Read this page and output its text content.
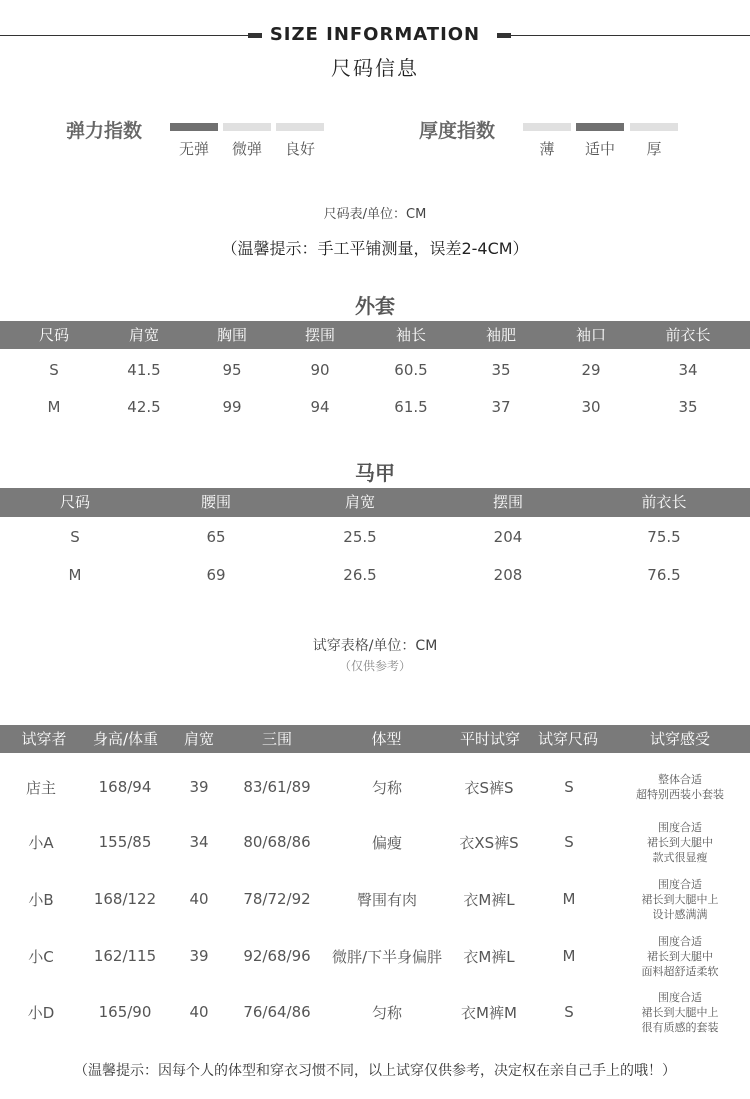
SIZE INFORMATION
尺码信息
弹力指数
无弹	微弹	良好
厚度指数
薄	适中	厚
尺码表/单位：CM
（温馨提示：手工平铺测量，误差2-4CM）
外套
尺码	肩宽	胸围	摆围	袖长	袖肥	袖口	前衣长
S	41.5	95	90	60.5	35	29	34
M	42.5	99	94	61.5	37	30	35
马甲
尺码	腰围	肩宽	摆围	前衣长
S	65	25.5	204	75.5
M	69	26.5	208	76.5
试穿表格/单位：CM
（仅供参考）
试穿者	身高/体重	肩宽	三围	体型	平时试穿	试穿尺码	试穿感受
店主	168/94	39	83/61/89	匀称	衣S裤S	S	整体合适
超特别西装小套装
小A	155/85	34	80/68/86	偏瘦	衣XS裤S	S
围度合适
裙长到大腿中
款式很显瘦
小B	168/122	40	78/72/92	臀围有肉	衣M裤L	M
围度合适
裙长到大腿中上
设计感满满
小C	162/115	39	92/68/96	微胖/下半身偏胖	衣M裤L	M
围度合适
裙长到大腿中
面料超舒适柔软
小D	165/90	40	76/64/86	匀称	衣M裤M	S
围度合适
裙长到大腿中上
很有质感的套装
（温馨提示：因每个人的体型和穿衣习惯不同，以上试穿仅供参考，决定权在亲自己手上的哦！）
